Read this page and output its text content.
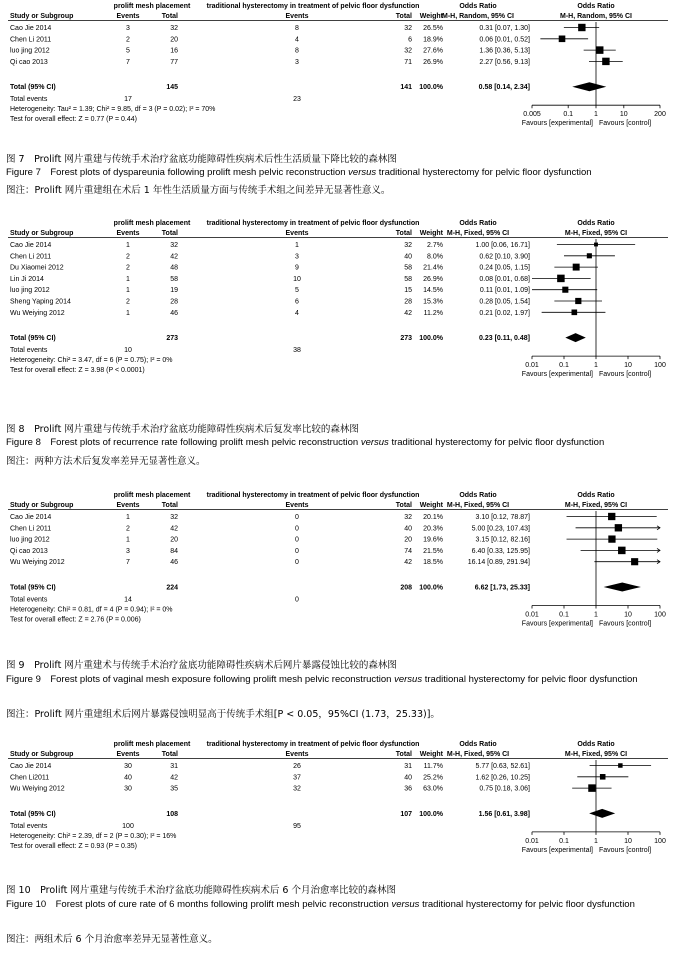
prolift mesh placement traditional hysterectomy in treatment of pelvic floor dysfunction	Odds Ratio	Odds Ratio
Study or Subgroup	Events	Total	Events	Total Weight M-H, Random, 95% CI	M-H, Random, 95% CI
Cao Jie 2014	3	32	8	32 26.5%	0.31 [0.07, 1.30]
Chen Li 2011	2	20	4	6 18.9%	0.06 [0.01, 0.52]
luo jing 2012	5	16	8	32 27.6%	1.36 [0.36, 5.13]
Qi cao 2013	7	77	3	71 26.9%	2.27 [0.56, 9.13]
Total (95% CI)	145	141 100.0%	0.58 [0.14, 2.34]
Total events	17	23
Heterogeneity: Tau² = 1.39; Chi² = 9.85, df = 3 (P = 0.02); I² = 70%
Test for overall effect: Z = 0.77 (P = 0.44)
0.005	0.1	1	10	200
Favours [experimental] Favours [control]
图 7　Prolift 网片重建与传统手术治疗盆底功能障碍性疾病术后性生活质量下降比较的森林图
Figure 7　Forest plots of dyspareunia following prolift mesh pelvic reconstruction versus traditional hysterectomy for pelvic floor dysfunction
图注：Prolift 网片重建组在术后 1 年性生活质量方面与传统手术组之间差异无显著性意义。
prolift mesh placement traditional hysterectomy in treatment of pelvic floor dysfunction	Odds Ratio	Odds Ratio
Study or Subgroup	Events	Total	Events	Total Weight M-H, Fixed, 95% CI	M-H, Fixed, 95% CI
Cao Jie 2014	1	32	1	32 2.7%	1.00 [0.06, 16.71]
Chen Li 2011	2	42	3	40 8.0%	0.62 [0.10, 3.90]
Du Xiaomei 2012	2	48	9	58 21.4%	0.24 [0.05, 1.15]
Lin Ji 2014	1	58	10	58 26.9%	0.08 [0.01, 0.68]
luo jing 2012	1	19	5	15 14.5%	0.11 [0.01, 1.09]
Sheng Yaping 2014	2	28	6	28 15.3%	0.28 [0.05, 1.54]
Wu Weiying 2012	1	46	4	42 11.2%	0.21 [0.02, 1.97]
Total (95% CI)	273	273 100.0%	0.23 [0.11, 0.48]
Total events	10	38
Heterogeneity: Chi² = 3.47, df = 6 (P = 0.75); I² = 0%
Test for overall effect: Z = 3.98 (P < 0.0001)
0.01	0.1	1	10	100
Favours [experimental] Favours [control]
图 8　Prolift 网片重建与传统手术治疗盆底功能障碍性疾病术后复发率比较的森林图
Figure 8　Forest plots of recurrence rate following prolift mesh pelvic reconstruction versus traditional hysterectomy for pelvic floor dysfunction
图注：两种方法术后复发率差异无显著性意义。
prolift mesh placement traditional hysterectomy in treatment of pelvic floor dysfunction	Odds Ratio	Odds Ratio
Study or Subgroup	Events	Total	Events	Total Weight M-H, Fixed, 95% CI	M-H, Fixed, 95% CI
Cao Jie 2014	1	32	0	32 20.1%	3.10 [0.12, 78.87]
Chen Li 2011	2	42	0	40 20.3%	5.00 [0.23, 107.43]
luo jing 2012	1	20	0	20 19.6%	3.15 [0.12, 82.16]
Qi cao 2013	3	84	0	74 21.5%	6.40 [0.33, 125.95]
Wu Weiying 2012	7	46	0	42 18.5%	16.14 [0.89, 291.94]
Total (95% CI)	224	208 100.0%	6.62 [1.73, 25.33]
Total events	14	0
Heterogeneity: Chi² = 0.81, df = 4 (P = 0.94); I² = 0%
Test for overall effect: Z = 2.76 (P = 0.006)
0.01	0.1	1	10	100
Favours [experimental] Favours [control]
图 9　Prolift 网片重建术与传统手术治疗盆底功能障碍性疾病术后网片暴露侵蚀比较的森林图
Figure 9　Forest plots of vaginal mesh exposure following prolift mesh pelvic reconstruction versus traditional hysterectomy for pelvic floor dysfunction
图注：Prolift 网片重建组术后网片暴露侵蚀明显高于传统手术组[P < 0.05，95%CI (1.73，25.33)]。
prolift mesh placement traditional hysterectomy in treatment of pelvic floor dysfunction	Odds Ratio	Odds Ratio
Study or Subgroup	Events	Total	Events	Total Weight M-H, Fixed, 95% CI	M-H, Fixed, 95% CI
Cao Jie 2014	30	31	26	31 11.7%	5.77 [0.63, 52.61]
Chen Li2011	40	42	37	40 25.2%	1.62 [0.26, 10.25]
Wu Weiying 2012	30	35	32	36 63.0%	0.75 [0.18, 3.06]
Total (95% CI)	108	107 100.0%	1.56 [0.61, 3.98]
Total events	100	95
Heterogeneity: Chi² = 2.39, df = 2 (P = 0.30); I² = 16%
Test for overall effect: Z = 0.93 (P = 0.35)
0.01	0.1	1	10	100
Favours [experimental] Favours [control]
图 10　Prolift 网片重建与传统手术治疗盆底功能障碍性疾病术后 6 个月治愈率比较的森林图
Figure 10　Forest plots of cure rate of 6 months following prolift mesh pelvic reconstruction versus traditional hysterectomy for pelvic floor dysfunction
图注：两组术后 6 个月治愈率差异无显著性意义。
